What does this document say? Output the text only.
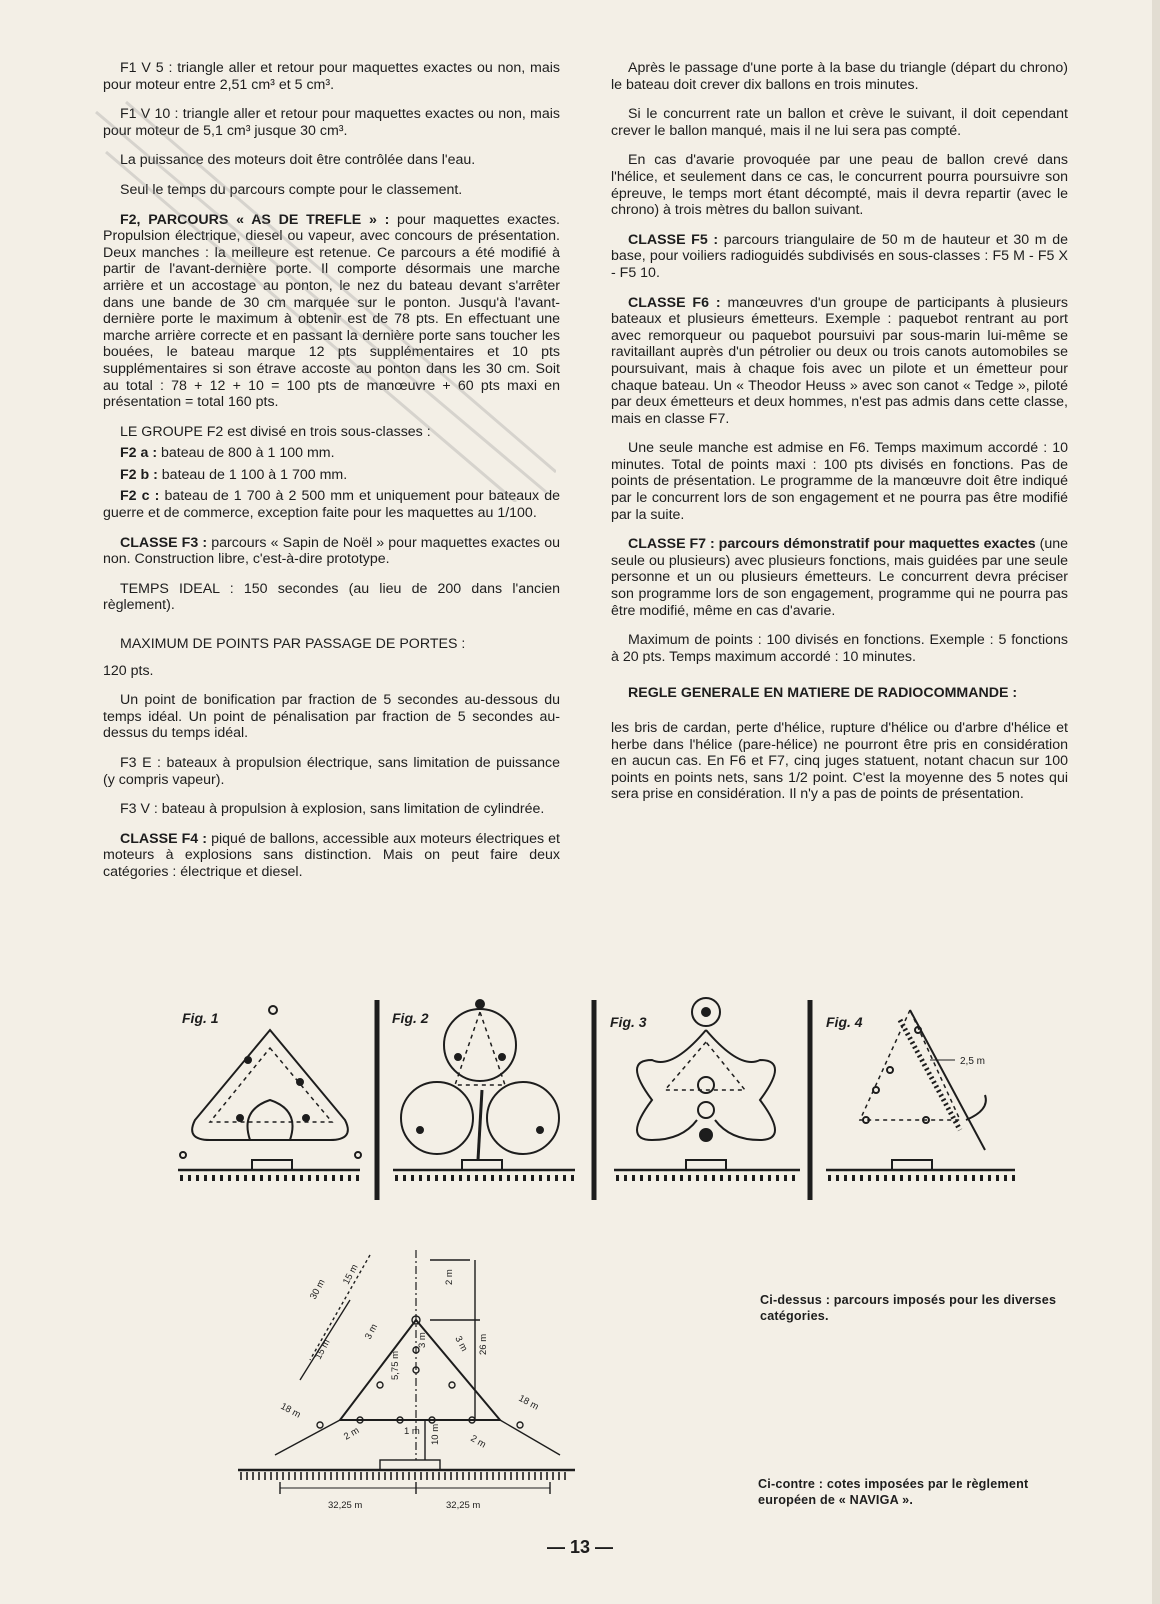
F1 V 5 : triangle aller et retour pour maquettes exactes ou non, mais pour moteur entre 2,51 cm³ et 5 cm³.

F1 V 10 : triangle aller et retour pour maquettes exactes ou non, mais pour moteur de 5,1 cm³ jusque 30 cm³.

La puissance des moteurs doit être contrôlée dans l'eau.

Seul le temps du parcours compte pour le classement.

F2, PARCOURS « AS DE TREFLE » : pour maquettes exactes. Propulsion électrique, diesel ou vapeur, avec concours de présentation. Deux manches : la meilleure est retenue. Ce parcours a été modifié à partir de l'avant-dernière porte. Il comporte désormais une marche arrière et un accostage au ponton, le nez du bateau devant s'arrêter dans une bande de 30 cm marquée sur le ponton. Jusqu'à l'avant-dernière porte le maximum à obtenir est de 78 pts. En effectuant une marche arrière correcte et en passant la dernière porte sans toucher les bouées, le bateau marque 12 pts supplémentaires et 10 pts supplémentaires si son étrave accoste au ponton dans les 30 cm. Soit au total : 78 + 12 + 10 = 100 pts de manœuvre + 60 pts maxi en présentation = total 160 pts.

LE GROUPE F2 est divisé en trois sous-classes :

F2 a : bateau de 800 à 1 100 mm.

F2 b : bateau de 1 100 à 1 700 mm.

F2 c : bateau de 1 700 à 2 500 mm et uniquement pour bateaux de guerre et de commerce, exception faite pour les maquettes au 1/100.

CLASSE F3 : parcours « Sapin de Noël » pour maquettes exactes ou non. Construction libre, c'est-à-dire prototype.

TEMPS IDEAL : 150 secondes (au lieu de 200 dans l'ancien règlement).

MAXIMUM DE POINTS PAR PASSAGE DE PORTES :

120 pts.

Un point de bonification par fraction de 5 secondes au-dessous du temps idéal. Un point de pénalisation par fraction de 5 secondes au-dessus du temps idéal.

F3 E : bateaux à propulsion électrique, sans limitation de puissance (y compris vapeur).

F3 V : bateau à propulsion à explosion, sans limitation de cylindrée.

CLASSE F4 : piqué de ballons, accessible aux moteurs électriques et moteurs à explosions sans distinction. Mais on peut faire deux catégories : électrique et diesel.

Après le passage d'une porte à la base du triangle (départ du chrono) le bateau doit crever dix ballons en trois minutes.

Si le concurrent rate un ballon et crève le suivant, il doit cependant crever le ballon manqué, mais il ne lui sera pas compté.

En cas d'avarie provoquée par une peau de ballon crevé dans l'hélice, et seulement dans ce cas, le concurrent pourra poursuivre son épreuve, le temps mort étant décompté, mais il devra repartir (avec le chrono) à trois mètres du ballon suivant.

CLASSE F5 : parcours triangulaire de 50 m de hauteur et 30 m de base, pour voiliers radioguidés subdivisés en sous-classes : F5 M - F5 X - F5 10.

CLASSE F6 : manœuvres d'un groupe de participants à plusieurs bateaux et plusieurs émetteurs. Exemple : paquebot rentrant au port avec remorqueur ou paquebot poursuivi par sous-marin lui-même se ravitaillant auprès d'un pétrolier ou deux ou trois canots automobiles se poursuivant, mais à chaque fois avec un pilote et un émetteur pour chaque bateau. Un « Theodor Heuss » avec son canot « Tedge », piloté par deux émetteurs et deux hommes, n'est pas admis dans cette classe, mais en classe F7.

Une seule manche est admise en F6. Temps maximum accordé : 10 minutes. Total de points maxi : 100 pts divisés en fonctions. Pas de points de présentation. Le programme de la manœuvre doit être indiqué par le concurrent lors de son engagement et ne pourra pas être modifié par la suite.

CLASSE F7 : parcours démonstratif pour maquettes exactes (une seule ou plusieurs) avec plusieurs fonctions, mais guidées par une seule personne et un ou plusieurs émetteurs. Le concurrent devra préciser son programme lors de son engagement, programme qui ne pourra pas être modifié, même en cas d'avarie.

Maximum de points : 100 divisés en fonctions. Exemple : 5 fonctions à 20 pts. Temps maximum accordé : 10 minutes.

REGLE GENERALE EN MATIERE DE RADIOCOMMANDE :

les bris de cardan, perte d'hélice, rupture d'hélice ou d'arbre d'hélice et herbe dans l'hélice (pare-hélice) ne pourront être pris en considération en aucun cas. En F6 et F7, cinq juges statuent, notant chacun sur 100 points en points nets, sans 1/2 point. C'est la moyenne des 5 notes qui sera prise en considération. Il n'y a pas de points de présentation.

Fig. 1	Fig. 2	Fig. 3	Fig. 4
2,5 m
30 m
15 m
15 m
2 m
26 m
3 m	3 m	3 m
5,75 m
18 m	18 m
2 m	2 m
1 m 10 m
32,25 m	32,25 m
Ci-dessus : parcours imposés pour les diverses catégories.
Ci-contre : cotes imposées par le règlement européen de « NAVIGA ».
— 13 —
